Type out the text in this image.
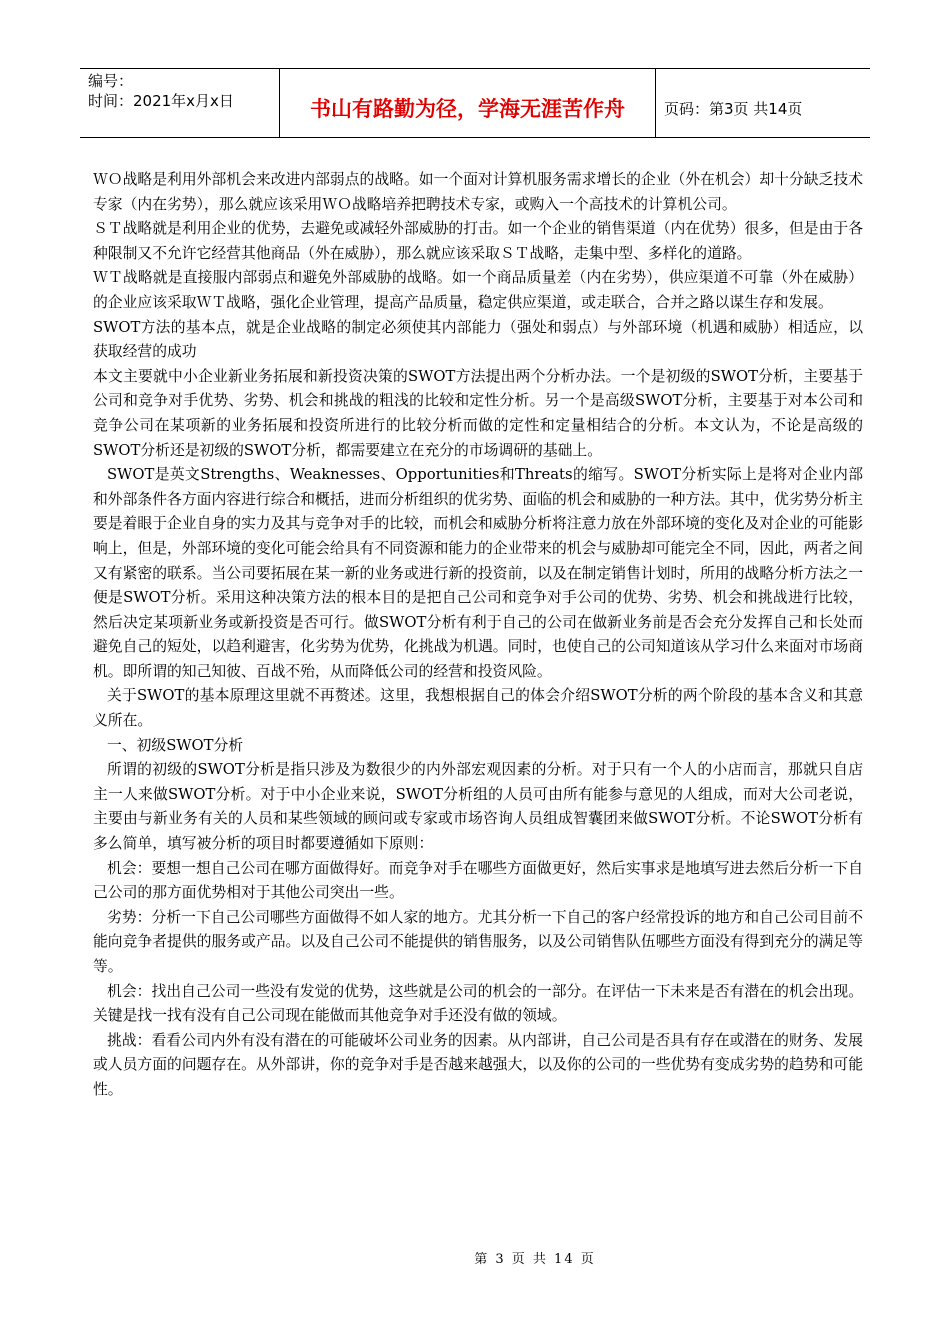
编号：
时间：2021年x月x日	书山有路勤为径，学海无涯苦作舟	页码：第3页 共14页

ＷＯ战略是利用外部机会来改进内部弱点的战略。如一个面对计算机服务需求增长的企业（外在机会）却十分缺乏技术专家（内在劣势），那么就应该采用ＷＯ战略培养把聘技术专家，或购入一个高技术的计算机公司。

ＳＴ战略就是利用企业的优势，去避免或减轻外部威胁的打击。如一个企业的销售渠道（内在优势）很多，但是由于各种限制又不允许它经营其他商品（外在威胁），那么就应该采取ＳＴ战略，走集中型、多样化的道路。

ＷＴ战略就是直接服内部弱点和避免外部威胁的战略。如一个商品质量差（内在劣势），供应渠道不可靠（外在威胁）的企业应该采取ＷＴ战略，强化企业管理，提高产品质量，稳定供应渠道，或走联合，合并之路以谋生存和发展。

SWOT方法的基本点，就是企业战略的制定必须使其内部能力（强处和弱点）与外部环境（机遇和威胁）相适应，以获取经营的成功

本文主要就中小企业新业务拓展和新投资决策的SWOT方法提出两个分析办法。一个是初级的SWOT分析，主要基于公司和竞争对手优势、劣势、机会和挑战的粗浅的比较和定性分析。另一个是高级SWOT分析，主要基于对本公司和竞争公司在某项新的业务拓展和投资所进行的比较分析而做的定性和定量相结合的分析。本文认为，不论是高级的SWOT分析还是初级的SWOT分析，都需要建立在充分的市场调研的基础上。

SWOT是英文Strengths、Weaknesses、Opportunities和Threats的缩写。SWOT分析实际上是将对企业内部和外部条件各方面内容进行综合和概括，进而分析组织的优劣势、面临的机会和威胁的一种方法。其中，优劣势分析主要是着眼于企业自身的实力及其与竞争对手的比较，而机会和威胁分析将注意力放在外部环境的变化及对企业的可能影响上，但是，外部环境的变化可能会给具有不同资源和能力的企业带来的机会与威胁却可能完全不同，因此，两者之间又有紧密的联系。当公司要拓展在某一新的业务或进行新的投资前，以及在制定销售计划时，所用的战略分析方法之一便是SWOT分析。采用这种决策方法的根本目的是把自己公司和竞争对手公司的优势、劣势、机会和挑战进行比较，然后决定某项新业务或新投资是否可行。做SWOT分析有利于自己的公司在做新业务前是否会充分发挥自己和长处而　避免自己的短处，以趋利避害，化劣势为优势，化挑战为机遇。同时，也使自己的公司知道该从学习什么来面对市场商机。即所谓的知己知彼、百战不殆，从而降低公司的经营和投资风险。

关于SWOT的基本原理这里就不再赘述。这里，我想根据自己的体会介绍SWOT分析的两个阶段的基本含义和其意义所在。

一、初级SWOT分析

所谓的初级的SWOT分析是指只涉及为数很少的内外部宏观因素的分析。对于只有一个人的小店而言，那就只自店主一人来做SWOT分析。对于中小企业来说，SWOT分析组的人员可由所有能参与意见的人组成，而对大公司老说，主要由与新业务有关的人员和某些领域的顾问或专家或市场咨询人员组成智囊团来做SWOT分析。不论SWOT分析有多么简单，填写被分析的项目时都要遵循如下原则：

机会：要想一想自己公司在哪方面做得好。而竞争对手在哪些方面做更好，然后实事求是地填写进去然后分析一下自己公司的那方面优势相对于其他公司突出一些。

劣势：分析一下自己公司哪些方面做得不如人家的地方。尤其分析一下自己的客户经常投诉的地方和自己公司目前不能向竞争者提供的服务或产品。以及自己公司不能提供的销售服务，以及公司销售队伍哪些方面没有得到充分的满足等等。

机会：找出自己公司一些没有发觉的优势，这些就是公司的机会的一部分。在评估一下未来是否有潜在的机会出现。关键是找一找有没有自己公司现在能做而其他竞争对手还没有做的领域。

挑战：看看公司内外有没有潜在的可能破坏公司业务的因素。从内部讲，自己公司是否具有存在或潜在的财务、发展或人员方面的问题存在。从外部讲，你的竞争对手是否越来越强大，以及你的公司的一些优势有变成劣势的趋势和可能性。

第 3 页 共 14 页
